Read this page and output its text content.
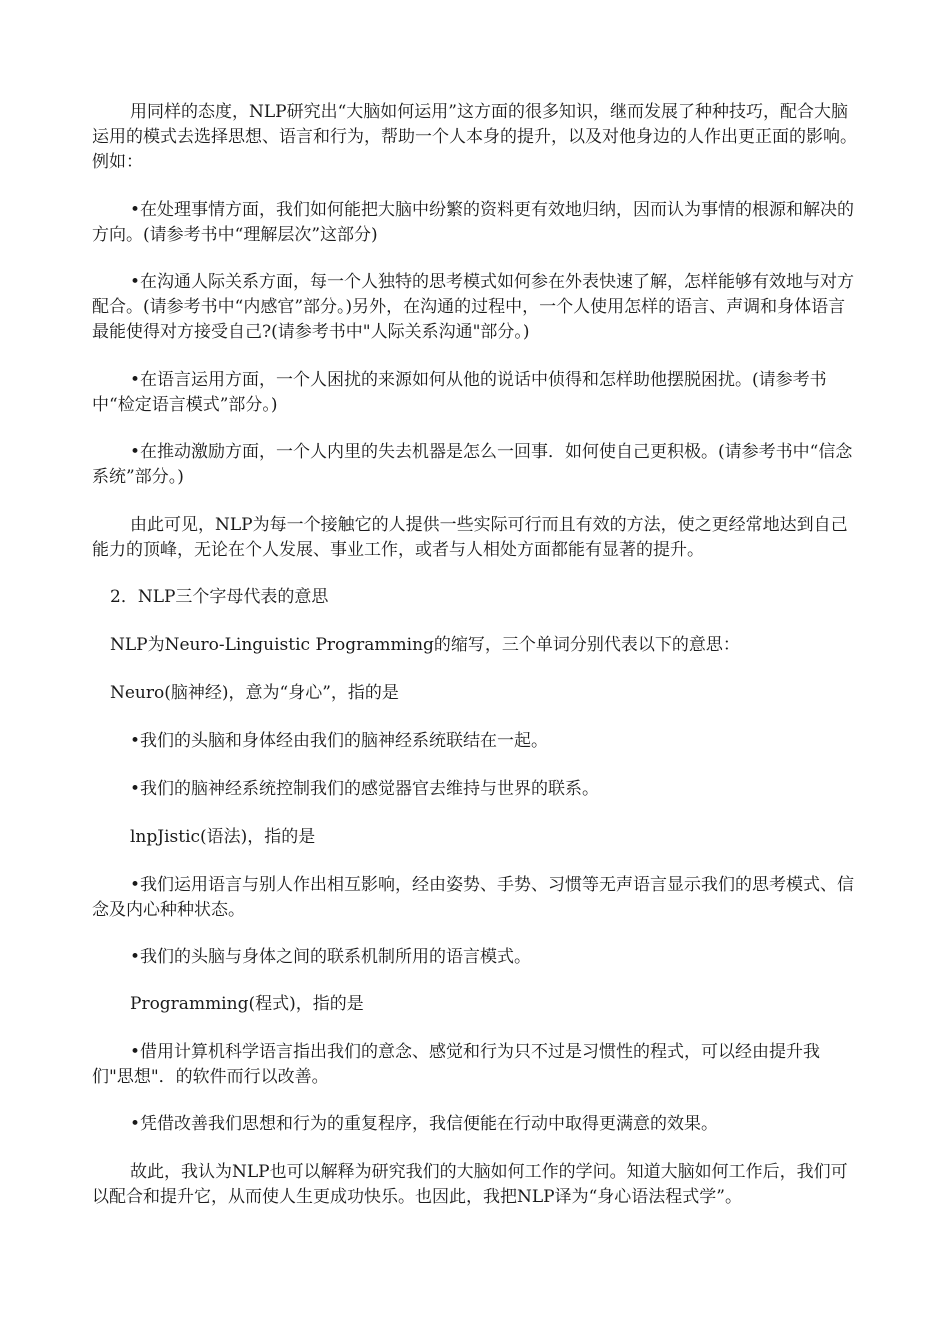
用同样的态度，NLP研究出“大脑如何运用”这方面的很多知识，继而发展了种种技巧，配合大脑运用的模式去选择思想、语言和行为，帮助一个人本身的提升，以及对他身边的人作出更正面的影响。例如：

•在处理事情方面，我们如何能把大脑中纷繁的资料更有效地归纳，因而认为事情的根源和解决的方向。(请参考书中“理解层次”这部分)

•在沟通人际关系方面，每一个人独特的思考模式如何参在外表快速了解，怎样能够有效地与对方配合。(请参考书中“内感官”部分。)另外，在沟通的过程中，一个人使用怎样的语言、声调和身体语言最能使得对方接受自己?(请参考书中"人际关系沟通"部分。)

•在语言运用方面，一个人困扰的来源如何从他的说话中侦得和怎样助他摆脱困扰。(请参考书中“检定语言模式”部分。)

•在推动激励方面，一个人内里的失去机器是怎么一回事．如何使自己更积极。(请参考书中“信念系统”部分。)

由此可见，NLP为每一个接触它的人提供一些实际可行而且有效的方法，使之更经常地达到自己能力的顶峰，无论在个人发展、事业工作，或者与人相处方面都能有显著的提升。

2．NLP三个字母代表的意思

NLP为Neuro-Linguistic Programming的缩写，三个单词分别代表以下的意思：

Neuro(脑神经)，意为“身心”，指的是

•我们的头脑和身体经由我们的脑神经系统联结在一起。

•我们的脑神经系统控制我们的感觉器官去维持与世界的联系。

lnpJistic(语法)，指的是

•我们运用语言与别人作出相互影响，经由姿势、手势、习惯等无声语言显示我们的思考模式、信念及内心种种状态。

•我们的头脑与身体之间的联系机制所用的语言模式。

Programming(程式)，指的是

•借用计算机科学语言指出我们的意念、感觉和行为只不过是习惯性的程式，可以经由提升我们"思想"．的软件而行以改善。

•凭借改善我们思想和行为的重复程序，我信便能在行动中取得更满意的效果。

故此，我认为NLP也可以解释为研究我们的大脑如何工作的学问。知道大脑如何工作后，我们可以配合和提升它，从而使人生更成功快乐。也因此，我把NLP译为“身心语法程式学”。
